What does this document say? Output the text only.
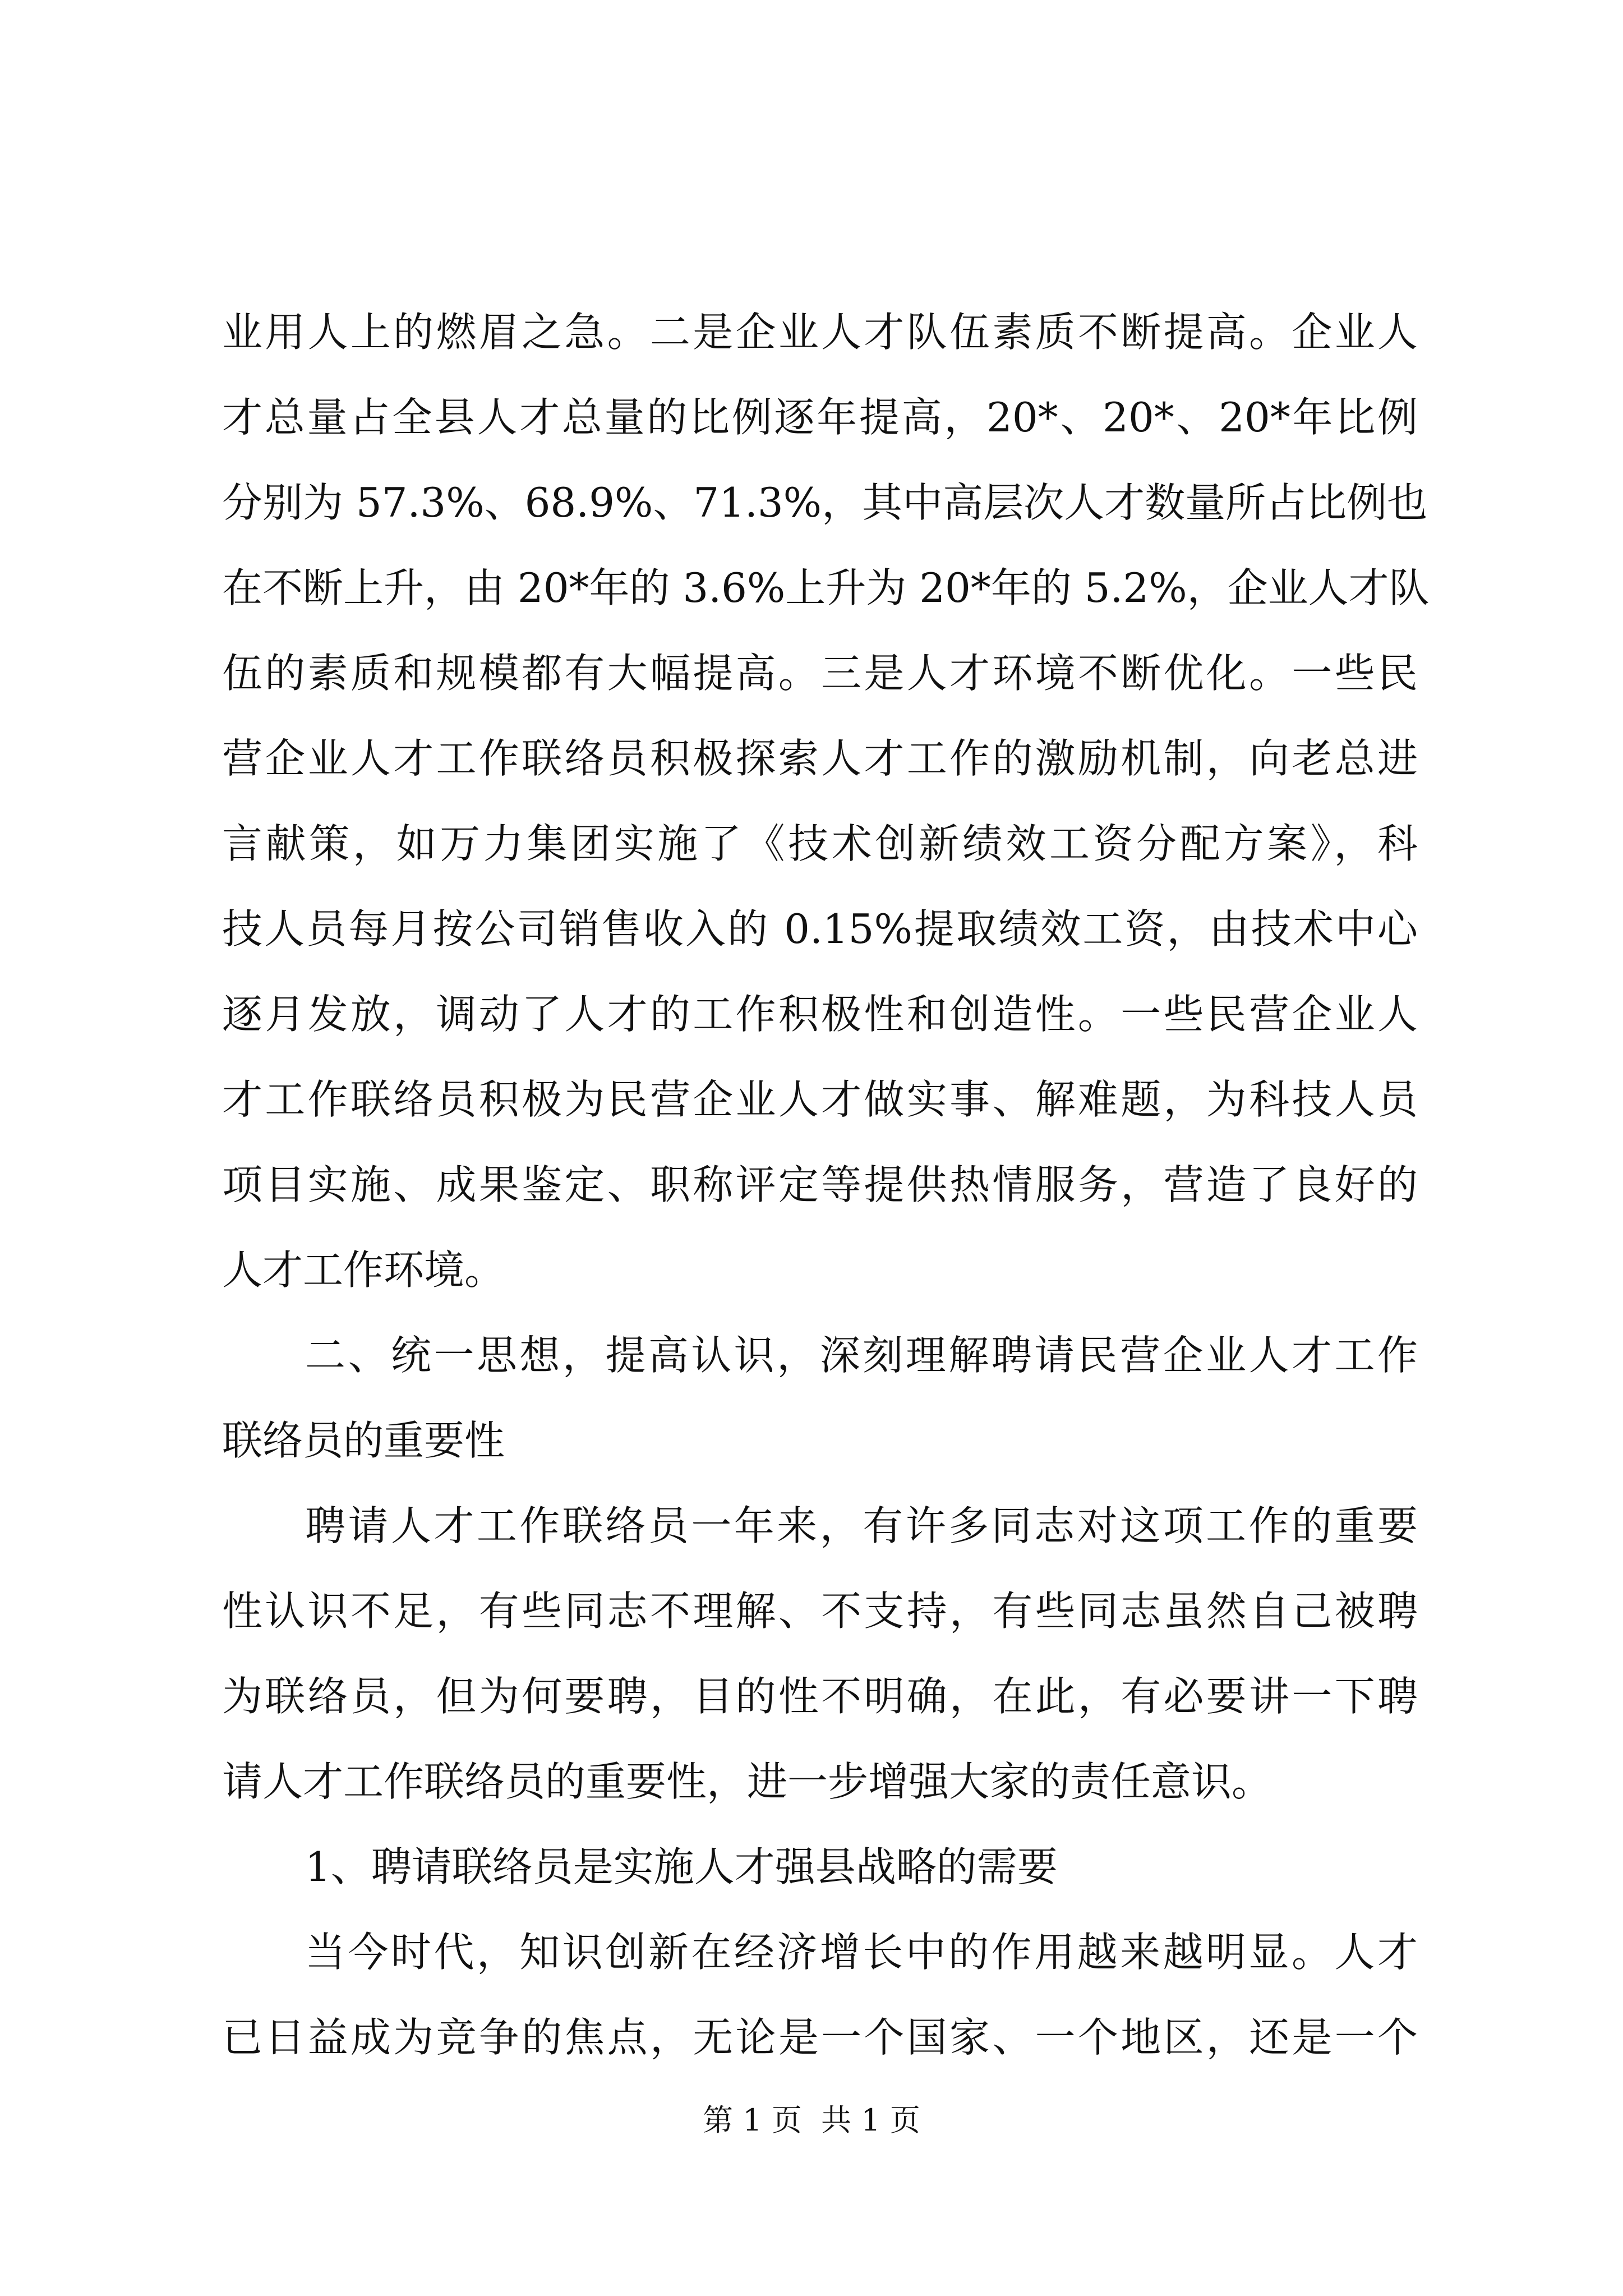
业用人上的燃眉之急。二是企业人才队伍素质不断提高。企业人
才总量占全县人才总量的比例逐年提高，20*、20*、20*年比例
分别为 57.3%、68.9%、71.3%，其中高层次人才数量所占比例也
在不断上升，由 20*年的 3.6%上升为 20*年的 5.2%，企业人才队
伍的素质和规模都有大幅提高。三是人才环境不断优化。一些民
营企业人才工作联络员积极探索人才工作的激励机制，向老总进
言献策，如万力集团实施了《技术创新绩效工资分配方案》，科
技人员每月按公司销售收入的 0.15%提取绩效工资，由技术中心
逐月发放，调动了人才的工作积极性和创造性。一些民营企业人
才工作联络员积极为民营企业人才做实事、解难题，为科技人员
项目实施、成果鉴定、职称评定等提供热情服务，营造了良好的
人才工作环境。
二、统一思想，提高认识，深刻理解聘请民营企业人才工作
联络员的重要性
聘请人才工作联络员一年来，有许多同志对这项工作的重要
性认识不足，有些同志不理解、不支持，有些同志虽然自己被聘
为联络员，但为何要聘，目的性不明确，在此，有必要讲一下聘
请人才工作联络员的重要性，进一步增强大家的责任意识。
1、聘请联络员是实施人才强县战略的需要
当今时代，知识创新在经济增长中的作用越来越明显。人才
已日益成为竞争的焦点，无论是一个国家、一个地区，还是一个
第 1 页  共 1 页
